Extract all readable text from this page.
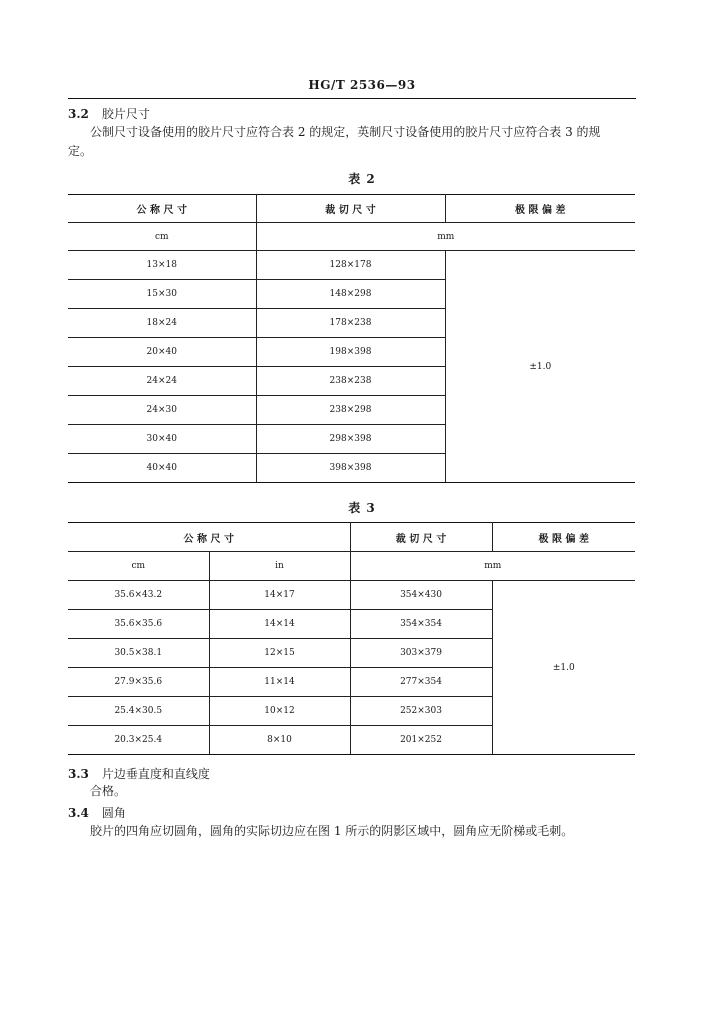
HG/T 2536—93
3.2 胶片尺寸
公制尺寸设备使用的胶片尺寸应符合表 2 的规定，英制尺寸设备使用的胶片尺寸应符合表 3 的规
定。
表 2
公 称 尺 寸	裁 切 尺 寸	极 限 偏 差
cm	mm	
13×18	128×178	±1.0
15×30	148×298	
18×24	178×238	
20×40	198×398	
24×24	238×238	
24×30	238×298	
30×40	298×398	
40×40	398×398	
表 3
公 称 尺 寸		裁 切 尺 寸	极 限 偏 差
cm	in	mm	
35.6×43.2	14×17	354×430	±1.0
35.6×35.6	14×14	354×354	
30.5×38.1	12×15	303×379	
27.9×35.6	11×14	277×354	
25.4×30.5	10×12	252×303	
20.3×25.4	8×10	201×252	
3.3 片边垂直度和直线度
合格。
3.4 圆角
胶片的四角应切圆角，圆角的实际切边应在图 1 所示的阴影区域中，圆角应无阶梯或毛刺。
